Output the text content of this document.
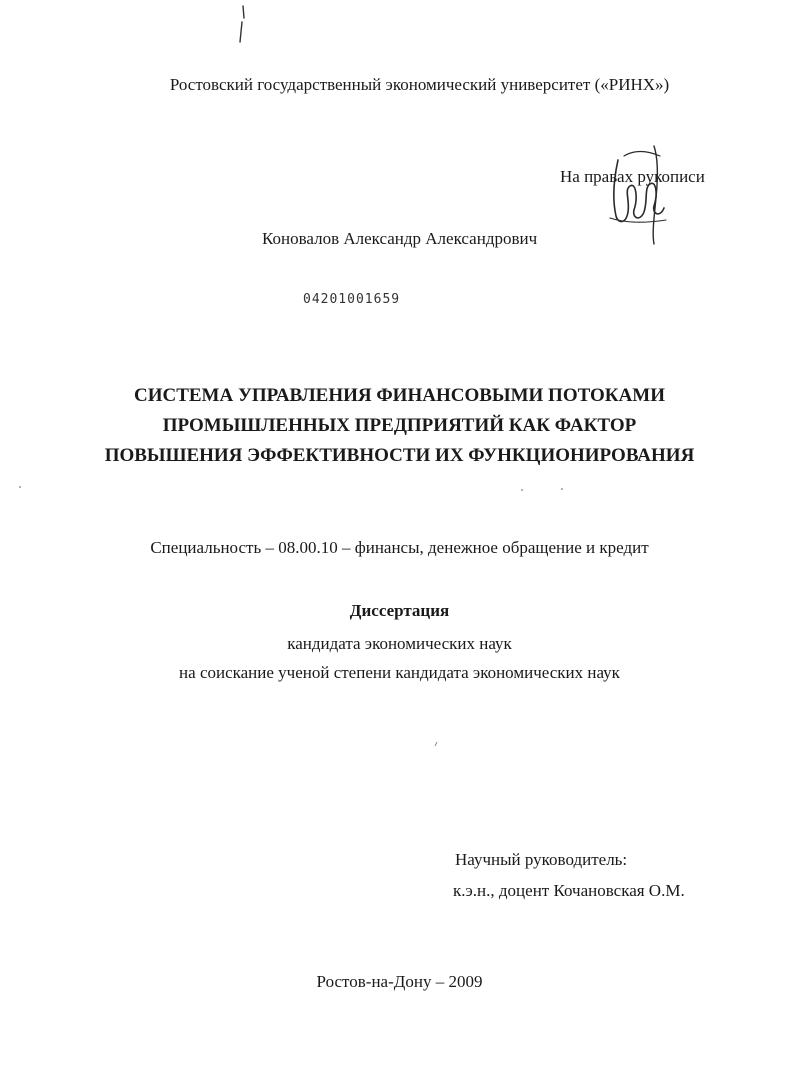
Ростовский государственный экономический университет («РИНХ»)
На правах рукописи
Коновалов Александр Александрович
04201001659
СИСТЕМА УПРАВЛЕНИЯ ФИНАНСОВЫМИ ПОТОКАМИ
ПРОМЫШЛЕННЫХ ПРЕДПРИЯТИЙ КАК ФАКТОР
ПОВЫШЕНИЯ ЭФФЕКТИВНОСТИ ИХ ФУНКЦИОНИРОВАНИЯ
Специальность – 08.00.10 – финансы, денежное обращение и кредит
Диссертация
кандидата экономических наук
на соискание ученой степени кандидата экономических наук
Научный руководитель:
к.э.н., доцент Кочановская О.М.
Ростов-на-Дону – 2009
